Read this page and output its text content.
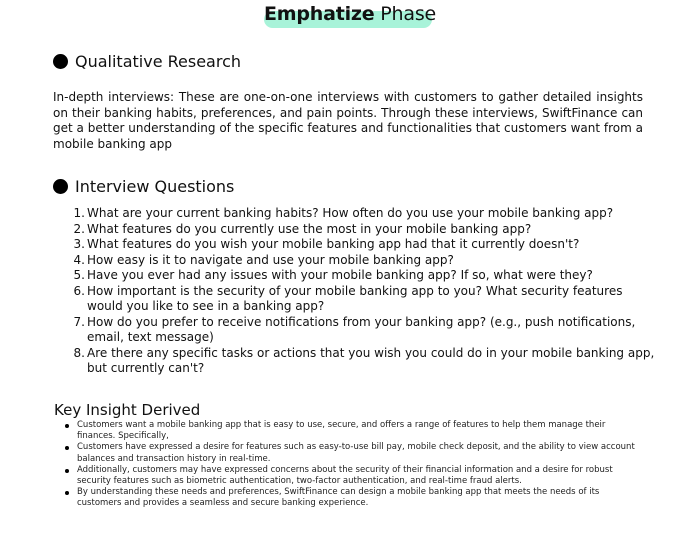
Emphatize Phase
Qualitative Research
In-depth interviews: These are one-on-one interviews with customers to gather detailed insights on their banking habits, preferences, and pain points. Through these interviews, SwiftFinance can get a better understanding of the specific features and functionalities that customers want from a mobile banking app
Interview Questions
1. What are your current banking habits? How often do you use your mobile banking app?
2. What features do you currently use the most in your mobile banking app?
3. What features do you wish your mobile banking app had that it currently doesn't?
4. How easy is it to navigate and use your mobile banking app?
5. Have you ever had any issues with your mobile banking app? If so, what were they?
6. How important is the security of your mobile banking app to you? What security features would you like to see in a banking app?
7. How do you prefer to receive notifications from your banking app? (e.g., push notifications, email, text message)
8. Are there any specific tasks or actions that you wish you could do in your mobile banking app, but currently can't?
Key Insight Derived
Customers want a mobile banking app that is easy to use, secure, and offers a range of features to help them manage their finances. Specifically,
Customers have expressed a desire for features such as easy-to-use bill pay, mobile check deposit, and the ability to view account balances and transaction history in real-time.
Additionally, customers may have expressed concerns about the security of their financial information and a desire for robust security features such as biometric authentication, two-factor authentication, and real-time fraud alerts.
By understanding these needs and preferences, SwiftFinance can design a mobile banking app that meets the needs of its customers and provides a seamless and secure banking experience.
